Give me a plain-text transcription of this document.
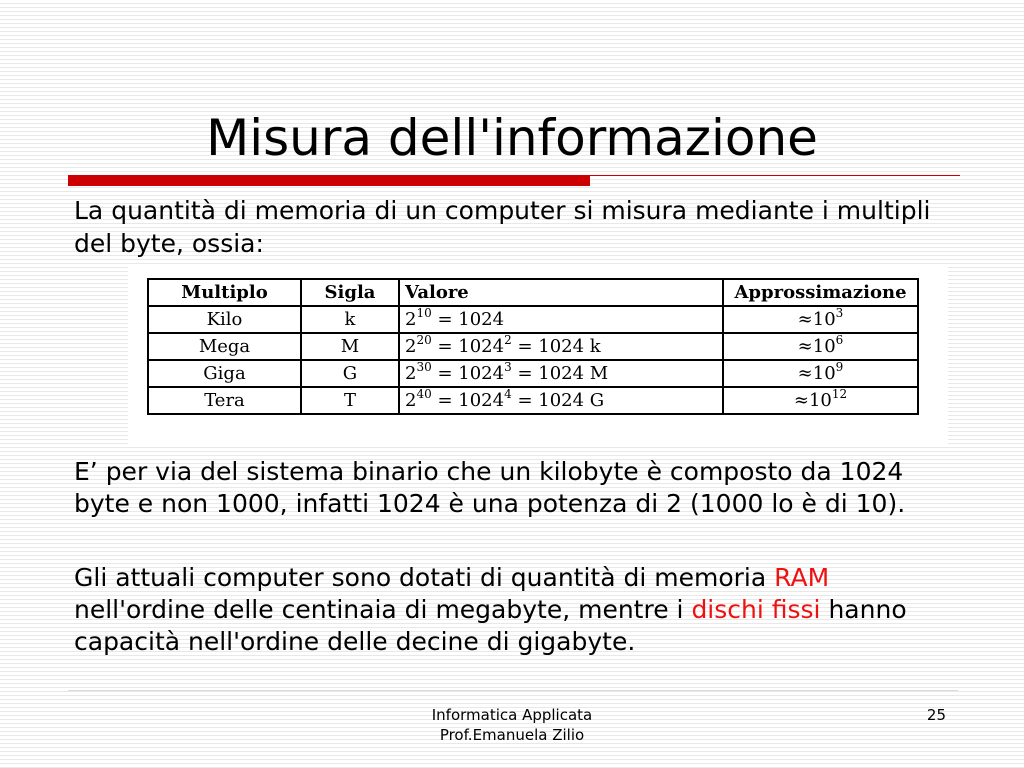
Misura dell'informazione
La quantità di memoria di un computer si misura mediante i multipli del byte, ossia:
Multiplo	Sigla	Valore	Approssimazione
Kilo	k	$2^{10} = 1024$	$\approx 10^3$
Mega	M	$2^{20} = 1024^2 = 1024$ k	$\approx 10^6$
Giga	G	$2^{30} = 1024^3 = 1024$ M	$\approx 10^9$
Tera	T	$2^{40} = 1024^4 = 1024$ G	$\approx 10^{12}$
E’ per via del sistema binario che un kilobyte è composto da 1024 byte e non 1000, infatti 1024 è una potenza di 2 (1000 lo è di 10).

Gli attuali computer sono dotati di quantità di memoria RAM nell'ordine delle centinaia di megabyte, mentre i dischi fissi hanno capacità nell'ordine delle decine di gigabyte.

Informatica Applicata
Prof.Emanuela Zilio
25
